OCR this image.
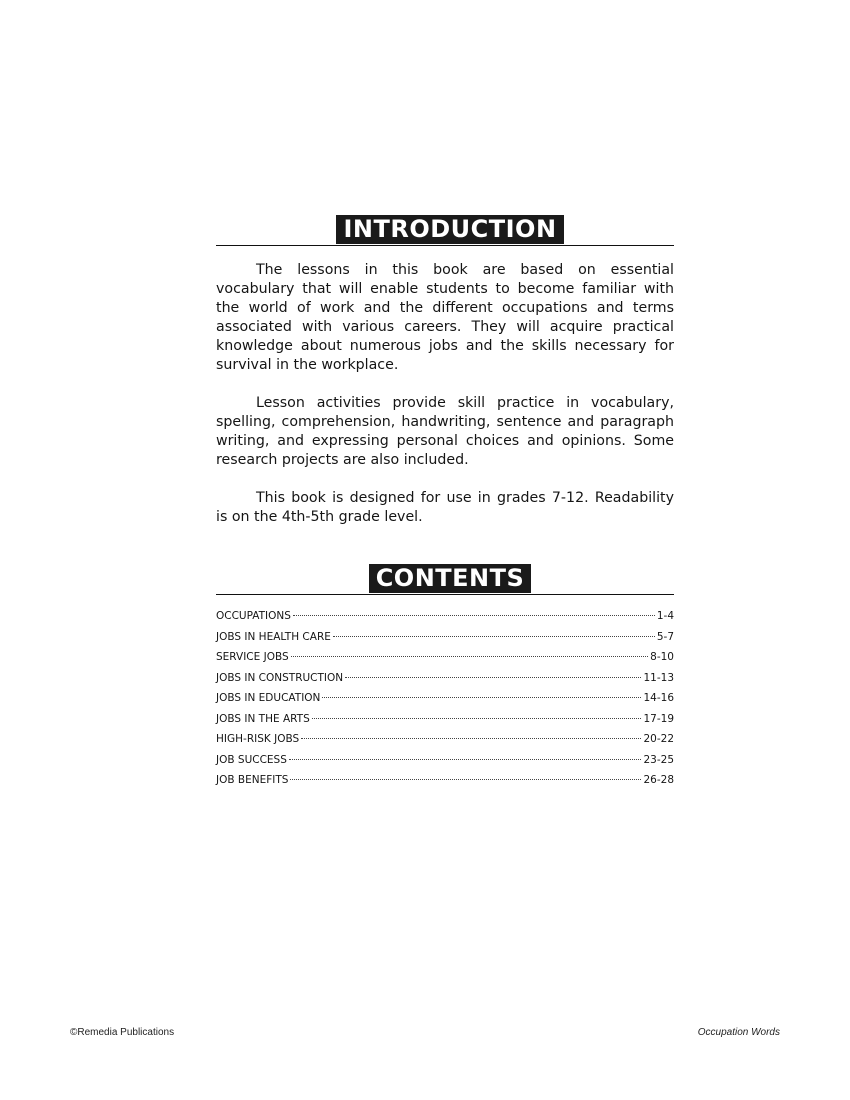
INTRODUCTION

The lessons in this book are based on essential vocabulary that will enable students to become familiar with the world of work and the different occupations and terms associated with various careers. They will acquire practical knowledge about numerous jobs and the skills necessary for survival in the workplace.

Lesson activities provide skill practice in vocabulary, spelling, comprehension, handwriting, sentence and paragraph writing, and expressing personal choices and opinions. Some research projects are also included.

This book is designed for use in grades 7-12. Readability is on the 4th-5th grade level.

CONTENTS
OCCUPATIONS	1-4
JOBS IN HEALTH CARE	5-7
SERVICE JOBS	8-10
JOBS IN CONSTRUCTION	11-13
JOBS IN EDUCATION	14-16
JOBS IN THE ARTS	17-19
HIGH-RISK JOBS	20-22
JOB SUCCESS	23-25
JOB BENEFITS	26-28
©Remedia Publications	Occupation Words
